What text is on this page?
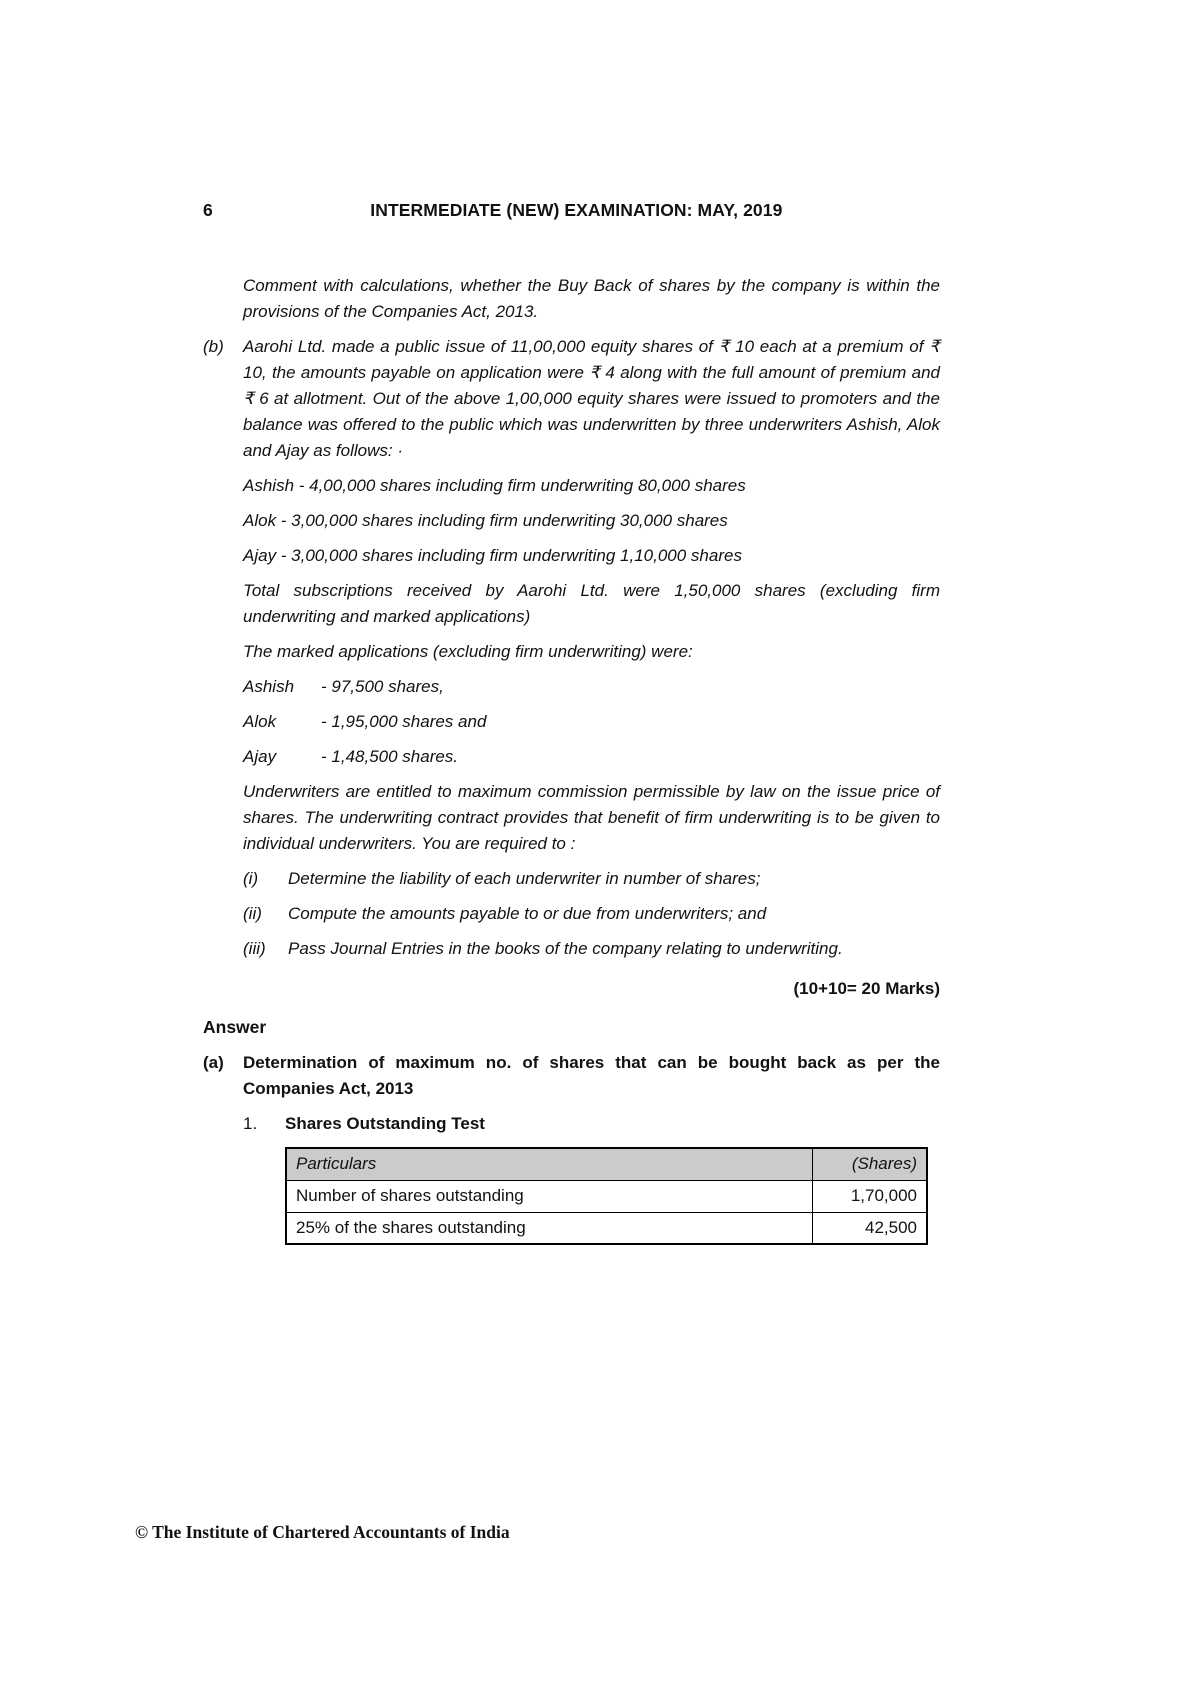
6	INTERMEDIATE (NEW) EXAMINATION: MAY, 2019

Comment with calculations, whether the Buy Back of shares by the company is within the provisions of the Companies Act, 2013.

(b)	Aarohi Ltd. made a public issue of 11,00,000 equity shares of ₹ 10 each at a premium of ₹ 10, the amounts payable on application were ₹ 4 along with the full amount of premium and ₹ 6 at allotment. Out of the above 1,00,000 equity shares were issued to promoters and the balance was offered to the public which was underwritten by three underwriters Ashish, Alok and Ajay as follows: ·

Ashish - 4,00,000 shares including firm underwriting 80,000 shares

Alok - 3,00,000 shares including firm underwriting 30,000 shares

Ajay - 3,00,000 shares including firm underwriting 1,10,000 shares

Total subscriptions received by Aarohi Ltd. were 1,50,000 shares (excluding firm underwriting and marked applications)

The marked applications (excluding firm underwriting) were:

Ashish	- 97,500 shares,
Alok	- 1,95,000 shares and
Ajay	- 1,48,500 shares.

Underwriters are entitled to maximum commission permissible by law on the issue price of shares. The underwriting contract provides that benefit of firm underwriting is to be given to individual underwriters. You are required to :

(i)	Determine the liability of each underwriter in number of shares;
(ii)	Compute the amounts payable to or due from underwriters; and
(iii)	Pass Journal Entries in the books of the company relating to underwriting.
(10+10= 20 Marks)
Answer
(a)	Determination of maximum no. of shares that can be bought back as per the Companies Act, 2013

1.	Shares Outstanding Test
Particulars	(Shares)
Number of shares outstanding	1,70,000
25% of the shares outstanding	42,500
© The Institute of Chartered Accountants of India
